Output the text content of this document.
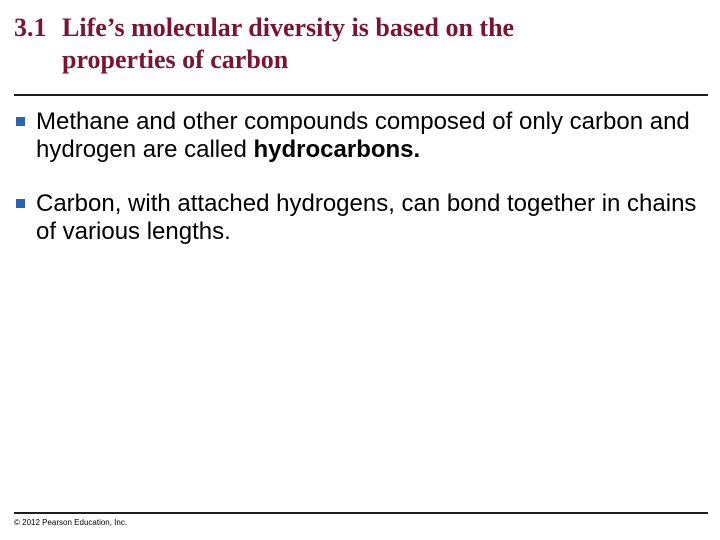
3.1 Life’s molecular diversity is based on the
properties of carbon
Methane and other compounds composed of only carbon and hydrogen are called hydrocarbons.
Carbon, with attached hydrogens, can bond together in chains of various lengths.
© 2012 Pearson Education, Inc.
